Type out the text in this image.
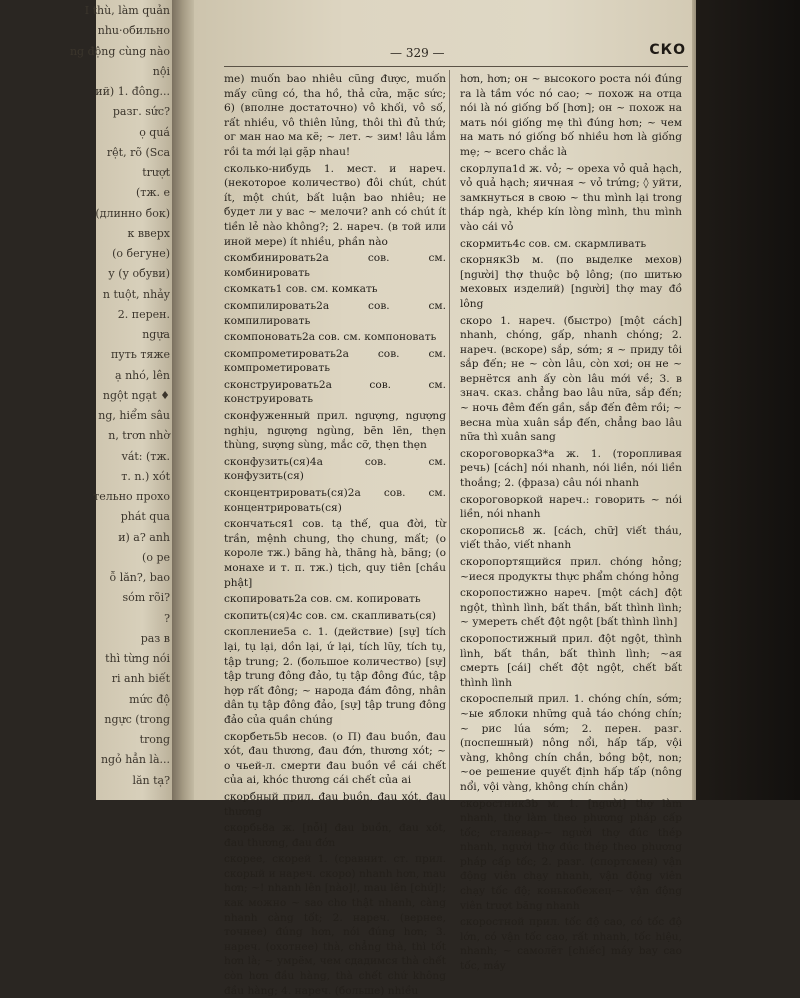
I thù, làm quản
nhu·обильно
ng động cùng nào
nội
ий) 1. đông...
разг. sức?
ọ quá
rệt, rõ (Sca
trượt
(тж. e
(длинно бок)
к вверх
(о бегуне)
у (у обуви)
n tuột, nhảy
2. перен.
ngựa
путь тяже
ạ nhó, lên
ngột ngạt ♦
ng, hiểm sâu
n, trơn nhờ
vát: (тж.
т. n.) xót
тельно прохо
phát qua
и) a? anh
(o pe
ỗ lăn?, bao
sóm rõi?
?
раз в
thì từng nói
ri anh biết
mức độ
ngực (trong
trong
ngỏ hẳn là...
lăn tạ?
— 329 —	СКО

me) muốn bao nhiêu cũng được, muốn mấy cũng có, tha hồ, thả cửa, mặc sức; 6) (вполне достаточно) vô khối, vô số, rất nhiều, vô thiên lủng, thôi thì đủ thứ; ог ман нао ма кё; ~ лет. ~ зим! lâu lắm rồi ta mới lại gặp nhau!

сколько-нибудь 1. мест. и нареч. (некоторое количество) đôi chút, chút ít, một chút, bất luận bao nhiêu; не будет ли у вас ~ мелочи? anh có chút ít tiền lẻ nào không?; 2. нареч. (в той или иной мере) ít nhiều, phần nào

скомбинировать2а сов. см. комбинировать

скомкать1 сов. см. комкать

скомпилировать2а сов. см. компилировать

скомпоновать2а сов. см. компоновать

скомпрометировать2а сов. см. компрометировать

сконструировать2а сов. см. конструировать

сконфуженный прил. ngượng, ngượng nghịu, ngượng ngùng, bẽn lẽn, thẹn thùng, sượng sùng, mắc cỡ, thẹn thẹn

сконфузить(ся)4а сов. см. конфузить(ся)

сконцентрировать(ся)2а сов. см. концентрировать(ся)

скончаться1 сов. tạ thế, qua đời, từ trần, mệnh chung, thọ chung, mất; (о короле тж.) băng hà, thăng hà, băng; (о монахе и т. п. тж.) tịch, quy tiên [chầu phật]

скопировать2а сов. см. копировать

скопить(ся)4с сов. см. скапливать(ся)

скопление5а с. 1. (действие) [sự] tích lại, tụ lại, dồn lại, ứ lại, tích lũy, tích tụ, tập trung; 2. (большое количество) [sự] tập trung đông đảo, tụ tập đông đúc, tập hợp rất đông; ~ народа đám đông, nhân dân tụ tập đông đảo, [sự] tập trung đông đảo của quần chúng

скорбеть5b несов. (о П) đau buồn, đau xót, đau thương, đau đớn, thương xót; ~ о чьей-л. смерти đau buồn về cái chết của ai, khóc thương cái chết của ai

скорбный прил. đau buồn, đau xót, đau thương

скорбь8а ж. [nỗi] đau buồn, đau xót, đau thương, đau đớn

скорее, скорей 1. (сравнит. ст. прил. скорый и нареч. скоро) nhanh hơn, mau hơn; ~! nhanh lên [nào]!, mau lên [chứ]!; как можно ~ sao cho thật nhanh, càng nhanh càng tốt; 2. нареч. (вернее, точнее) đúng hơn, nói đúng hơn; 3. нареч. (охотнее) thà, chẳng thà, thì tốt hơn là; ~ умрём, чем сдадимся thà chết còn hơn đầu hàng, thà chết chứ không đầu hàng; 4. нареч. (больше) nhiều

hơn, hơn; он ~ высокого роста nói đúng ra là tầm vóc nó cao; ~ похож на отца nói là nó giống bố [hơn]; он ~ похож на мать nói giống mẹ thì đúng hơn; ~ чем на мать nó giống bố nhiều hơn là giống mẹ; ~ всего chắc là

скорлупа1d ж. vỏ; ~ ореха vỏ quả hạch, vỏ quả hạch; яичная ~ vỏ trứng; ◊ уйти, замкнуться в свою ~ thu mình lại trong tháp ngà, khép kín lòng mình, thu mình vào cái vỏ

скормить4c сов. см. скармливать

скорняк3b м. (по выделке мехов) [người] thợ thuộc bộ lông; (по шитью меховых изделий) [người] thợ may đồ lông

скоро 1. нареч. (быстро) [một cách] nhanh, chóng, gấp, nhanh chóng; 2. нареч. (вскоре) sắp, sớm; я ~ приду tôi sắp đến; не ~ còn lâu, còn xơi; он не ~ вернётся anh ấy còn lâu mới về; 3. в знач. сказ. chẳng bao lâu nữa, sắp đến; ~ ночь đêm đến gần, sắp đến đêm rồi; ~ весна mùa xuân sắp đến, chẳng bao lâu nữa thì xuân sang

скороговорка3*а ж. 1. (торопливая речь) [cách] nói nhanh, nói liền, nói liền thoắng; 2. (фраза) câu nói nhanh

скороговоркой нареч.: говорить ~ nói liền, nói nhanh

скоропись8 ж. [cách, chữ] viết tháu, viết thảo, viết nhanh

скоропортящийся прил. chóng hỏng; ~иеся продукты thực phẩm chóng hỏng

скоропостижно нареч. [một cách] đột ngột, thình lình, bất thần, bất thình lình; ~ умереть chết đột ngột [bất thình lình]

скоропостижный прил. đột ngột, thình lình, bất thần, bất thình lình; ~ая смерть [cái] chết đột ngột, chết bất thình lình

скороспелый прил. 1. chóng chín, sớm; ~ые яблоки những quả táo chóng chín; ~ рис lúa sớm; 2. перен. разг. (поспешный) nông nổi, hấp tấp, vội vàng, không chín chắn, bồng bột, non; ~ое решение quyết định hấp tấp (nông nổi, vội vàng, không chín chắn)

скоростник3b м. 1. [người] thợ làm nhanh, thợ làm theo phương pháp cấp tốc; сталевар-~ người thợ đúc thép nhanh, người thợ đúc thép theo phương pháp cấp tốc; 2. разг. (спортсмен) vận động viên chạy nhanh, vận động viên chạy tốc độ; конькобежец-~ vận động viên trượt băng nhanh

скоростной прил. tốc độ cao, có tốc độ lớn, có vận tốc cao, rất nhanh, tốc hiệu, nhanh; ~ самолёт [chiếc] máy bay cao tốc, máy
